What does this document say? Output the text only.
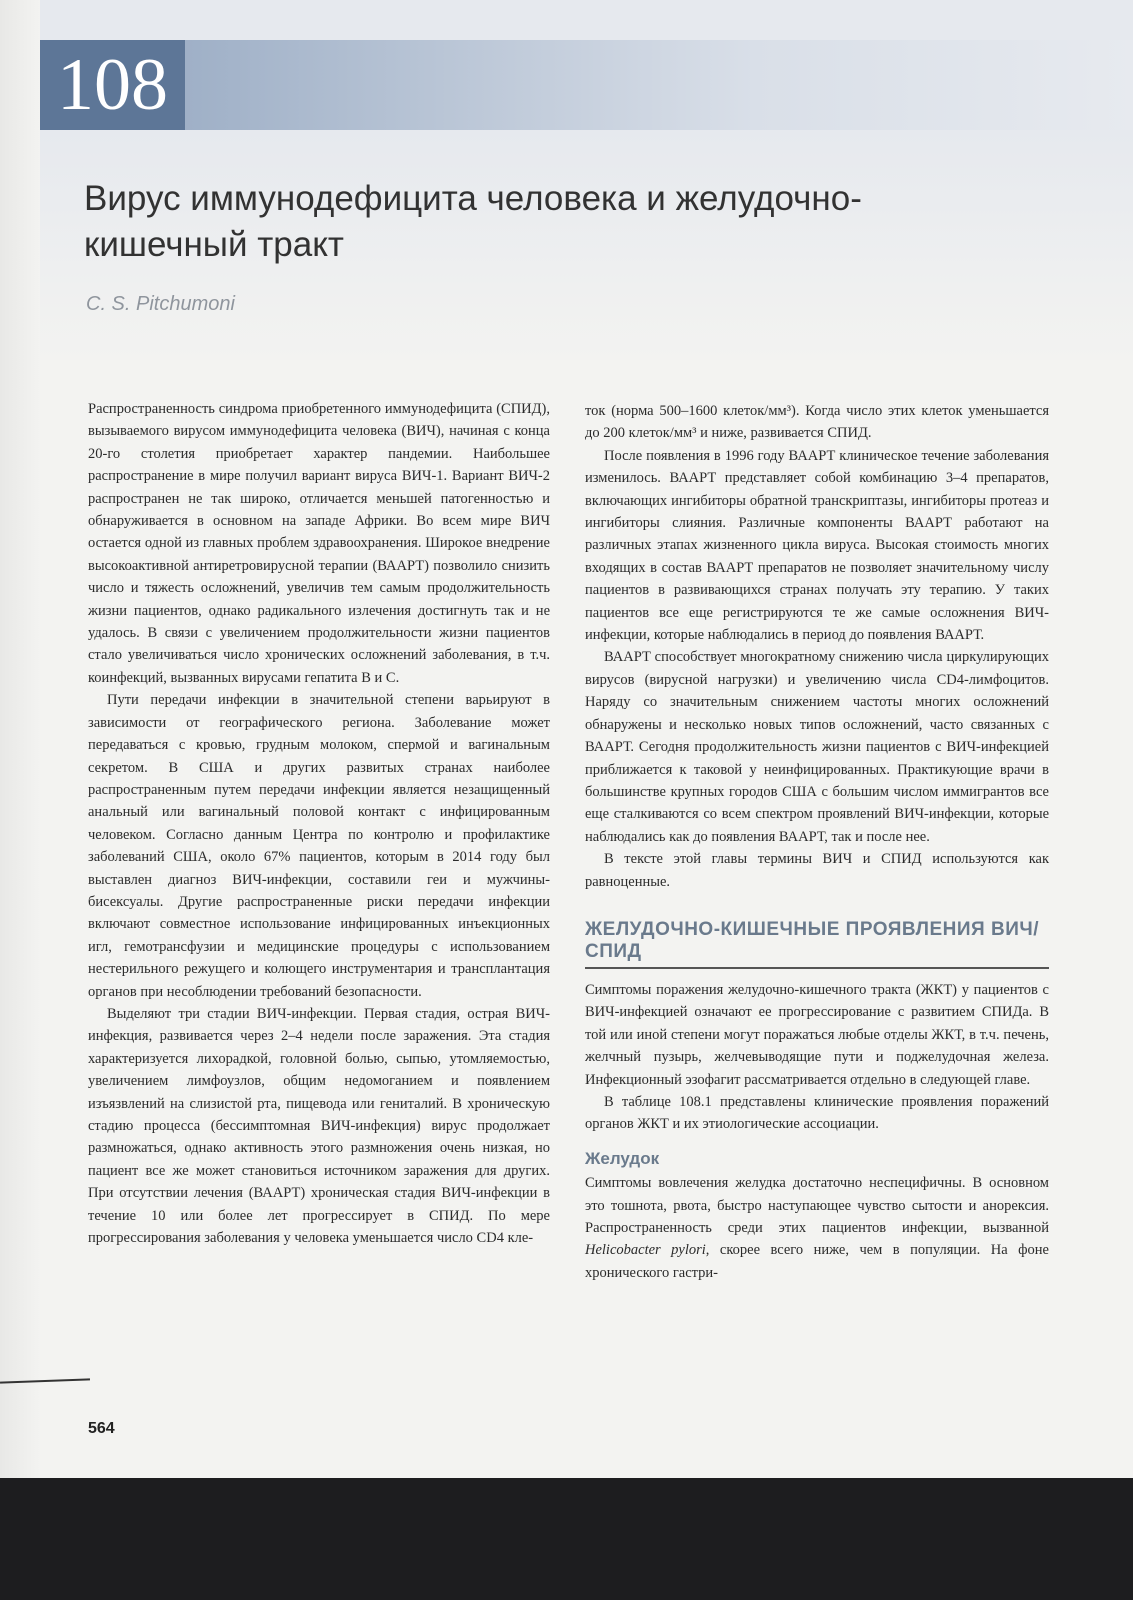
108
Вирус иммунодефицита человека и желудочно-кишечный тракт
C. S. Pitchumoni

Распространенность синдрома приобретенного иммунодефицита (СПИД), вызываемого вирусом иммунодефицита человека (ВИЧ), начиная с конца 20-го столетия приобретает характер пандемии. Наибольшее распространение в мире получил вариант вируса ВИЧ-1. Вариант ВИЧ-2 распространен не так широко, отличается меньшей патогенностью и обнаруживается в основном на западе Африки. Во всем мире ВИЧ остается одной из главных проблем здравоохранения. Широкое внедрение высокоактивной антиретровирусной терапии (ВААРТ) позволило снизить число и тяжесть осложнений, увеличив тем самым продолжительность жизни пациентов, однако радикального излечения достигнуть так и не удалось. В связи с увеличением продолжительности жизни пациентов стало увеличиваться число хронических осложнений заболевания, в т.ч. коинфекций, вызванных вирусами гепатита В и С.

Пути передачи инфекции в значительной степени варьируют в зависимости от географического региона. Заболевание может передаваться с кровью, грудным молоком, спермой и вагинальным секретом. В США и других развитых странах наиболее распространенным путем передачи инфекции является незащищенный анальный или вагинальный половой контакт с инфицированным человеком. Согласно данным Центра по контролю и профилактике заболеваний США, около 67% пациентов, которым в 2014 году был выставлен диагноз ВИЧ-инфекции, составили геи и мужчины-бисексуалы. Другие распространенные риски передачи инфекции включают совместное использование инфицированных инъекционных игл, гемотрансфузии и медицинские процедуры с использованием нестерильного режущего и колющего инструментария и трансплантация органов при несоблюдении требований безопасности.

Выделяют три стадии ВИЧ-инфекции. Первая стадия, острая ВИЧ-инфекция, развивается через 2–4 недели после заражения. Эта стадия характеризуется лихорадкой, головной болью, сыпью, утомляемостью, увеличением лимфоузлов, общим недомоганием и появлением изъязвлений на слизистой рта, пищевода или гениталий. В хроническую стадию процесса (бессимптомная ВИЧ-инфекция) вирус продолжает размножаться, однако активность этого размножения очень низкая, но пациент все же может становиться источником заражения для других. При отсутствии лечения (ВААРТ) хроническая стадия ВИЧ-инфекции в течение 10 или более лет прогрессирует в СПИД. По мере прогрессирования заболевания у человека уменьшается число CD4 кле-

ток (норма 500–1600 клеток/мм³). Когда число этих клеток уменьшается до 200 клеток/мм³ и ниже, развивается СПИД.

После появления в 1996 году ВААРТ клиническое течение заболевания изменилось. ВААРТ представляет собой комбинацию 3–4 препаратов, включающих ингибиторы обратной транскриптазы, ингибиторы протеаз и ингибиторы слияния. Различные компоненты ВААРТ работают на различных этапах жизненного цикла вируса. Высокая стоимость многих входящих в состав ВААРТ препаратов не позволяет значительному числу пациентов в развивающихся странах получать эту терапию. У таких пациентов все еще регистрируются те же самые осложнения ВИЧ-инфекции, которые наблюдались в период до появления ВААРТ.

ВААРТ способствует многократному снижению числа циркулирующих вирусов (вирусной нагрузки) и увеличению числа CD4-лимфоцитов. Наряду со значительным снижением частоты многих осложнений обнаружены и несколько новых типов осложнений, часто связанных с ВААРТ. Сегодня продолжительность жизни пациентов с ВИЧ-инфекцией приближается к таковой у неинфицированных. Практикующие врачи в большинстве крупных городов США с большим числом иммигрантов все еще сталкиваются со всем спектром проявлений ВИЧ-инфекции, которые наблюдались как до появления ВААРТ, так и после нее.

В тексте этой главы термины ВИЧ и СПИД используются как равноценные.

ЖЕЛУДОЧНО-КИШЕЧНЫЕ ПРОЯВЛЕНИЯ ВИЧ/СПИД

Симптомы поражения желудочно-кишечного тракта (ЖКТ) у пациентов с ВИЧ-инфекцией означают ее прогрессирование с развитием СПИДа. В той или иной степени могут поражаться любые отделы ЖКТ, в т.ч. печень, желчный пузырь, желчевыводящие пути и поджелудочная железа. Инфекционный эзофагит рассматривается отдельно в следующей главе.

В таблице 108.1 представлены клинические проявления поражений органов ЖКТ и их этиологические ассоциации.

Желудок

Симптомы вовлечения желудка достаточно неспецифичны. В основном это тошнота, рвота, быстро наступающее чувство сытости и анорексия. Распространенность среди этих пациентов инфекции, вызванной Helicobacter pylori, скорее всего ниже, чем в популяции. На фоне хронического гастри-

564
